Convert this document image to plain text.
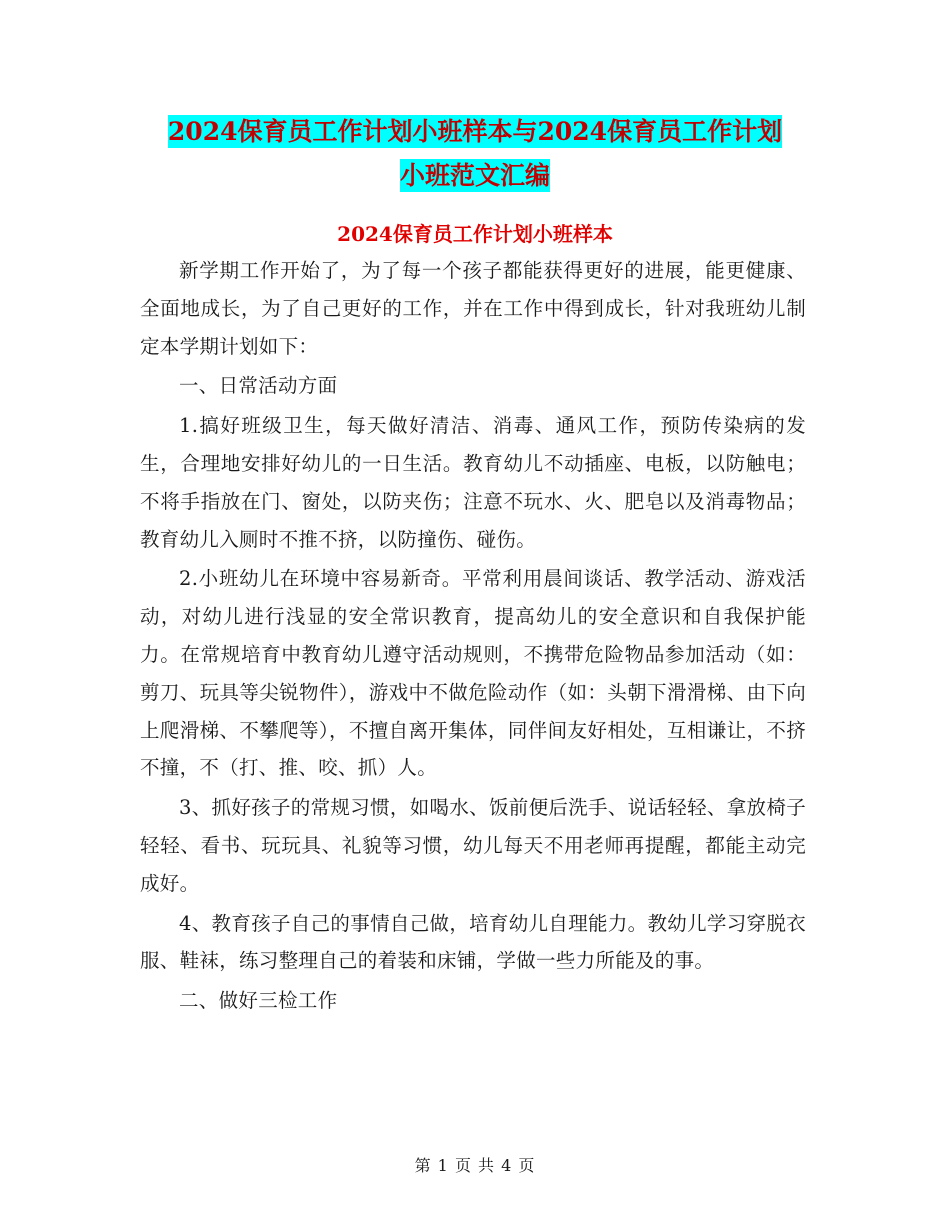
2024保育员工作计划小班样本与2024保育员工作计划
小班范文汇编
2024保育员工作计划小班样本

新学期工作开始了，为了每一个孩子都能获得更好的进展，能更健康、全面地成长，为了自己更好的工作，并在工作中得到成长，针对我班幼儿制定本学期计划如下：

一、日常活动方面

1.搞好班级卫生，每天做好清洁、消毒、通风工作，预防传染病的发生，合理地安排好幼儿的一日生活。教育幼儿不动插座、电板，以防触电；不将手指放在门、窗处，以防夹伤；注意不玩水、火、肥皂以及消毒物品；教育幼儿入厕时不推不挤，以防撞伤、碰伤。

2.小班幼儿在环境中容易新奇。平常利用晨间谈话、教学活动、游戏活动，对幼儿进行浅显的安全常识教育，提高幼儿的安全意识和自我保护能力。在常规培育中教育幼儿遵守活动规则，不携带危险物品参加活动（如：剪刀、玩具等尖锐物件），游戏中不做危险动作（如：头朝下滑滑梯、由下向上爬滑梯、不攀爬等），不擅自离开集体，同伴间友好相处，互相谦让，不挤不撞，不（打、推、咬、抓）人。

3、抓好孩子的常规习惯，如喝水、饭前便后洗手、说话轻轻、拿放椅子轻轻、看书、玩玩具、礼貌等习惯，幼儿每天不用老师再提醒，都能主动完成好。

4、教育孩子自己的事情自己做，培育幼儿自理能力。教幼儿学习穿脱衣服、鞋袜，练习整理自己的着装和床铺，学做一些力所能及的事。

二、做好三检工作

第 1 页 共 4 页
